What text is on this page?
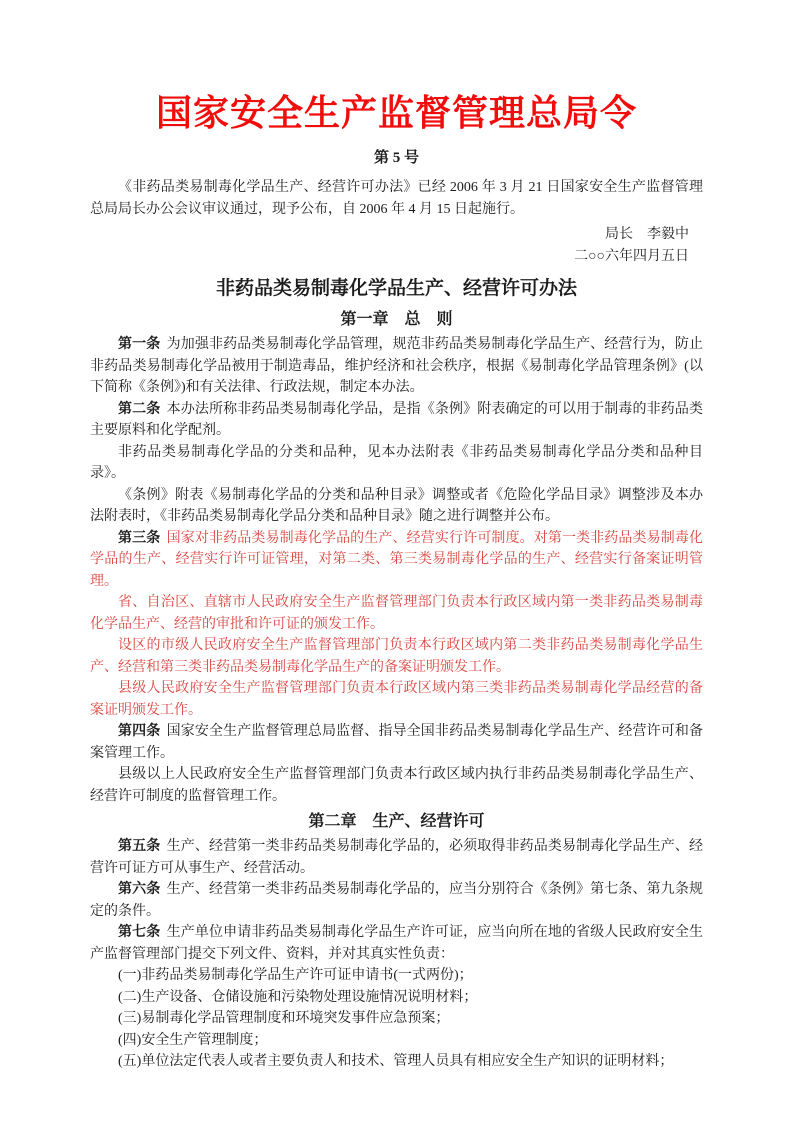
国家安全生产监督管理总局令
第 5 号

《非药品类易制毒化学品生产、经营许可办法》已经 2006 年 3 月 21 日国家安全生产监督管理总局局长办公会议审议通过，现予公布，自 2006 年 4 月 15 日起施行。

局长　李毅中
二○○六年四月五日
非药品类易制毒化学品生产、经营许可办法
第一章　总　则

第一条 为加强非药品类易制毒化学品管理，规范非药品类易制毒化学品生产、经营行为，防止非药品类易制毒化学品被用于制造毒品，维护经济和社会秩序，根据《易制毒化学品管理条例》(以下简称《条例》)和有关法律、行政法规，制定本办法。

第二条 本办法所称非药品类易制毒化学品，是指《条例》附表确定的可以用于制毒的非药品类主要原料和化学配剂。

非药品类易制毒化学品的分类和品种，见本办法附表《非药品类易制毒化学品分类和品种目录》。

《条例》附表《易制毒化学品的分类和品种目录》调整或者《危险化学品目录》调整涉及本办法附表时，《非药品类易制毒化学品分类和品种目录》随之进行调整并公布。

第三条 国家对非药品类易制毒化学品的生产、经营实行许可制度。对第一类非药品类易制毒化学品的生产、经营实行许可证管理，对第二类、第三类易制毒化学品的生产、经营实行备案证明管理。

省、自治区、直辖市人民政府安全生产监督管理部门负责本行政区域内第一类非药品类易制毒化学品生产、经营的审批和许可证的颁发工作。

设区的市级人民政府安全生产监督管理部门负责本行政区域内第二类非药品类易制毒化学品生产、经营和第三类非药品类易制毒化学品生产的备案证明颁发工作。

县级人民政府安全生产监督管理部门负责本行政区域内第三类非药品类易制毒化学品经营的备案证明颁发工作。

第四条 国家安全生产监督管理总局监督、指导全国非药品类易制毒化学品生产、经营许可和备案管理工作。

县级以上人民政府安全生产监督管理部门负责本行政区域内执行非药品类易制毒化学品生产、经营许可制度的监督管理工作。

第二章　生产、经营许可

第五条 生产、经营第一类非药品类易制毒化学品的，必须取得非药品类易制毒化学品生产、经营许可证方可从事生产、经营活动。

第六条 生产、经营第一类非药品类易制毒化学品的，应当分别符合《条例》第七条、第九条规定的条件。

第七条 生产单位申请非药品类易制毒化学品生产许可证，应当向所在地的省级人民政府安全生产监督管理部门提交下列文件、资料，并对其真实性负责：

(一)非药品类易制毒化学品生产许可证申请书(一式两份)；

(二)生产设备、仓储设施和污染物处理设施情况说明材料；

(三)易制毒化学品管理制度和环境突发事件应急预案；

(四)安全生产管理制度；

(五)单位法定代表人或者主要负责人和技术、管理人员具有相应安全生产知识的证明材料；
